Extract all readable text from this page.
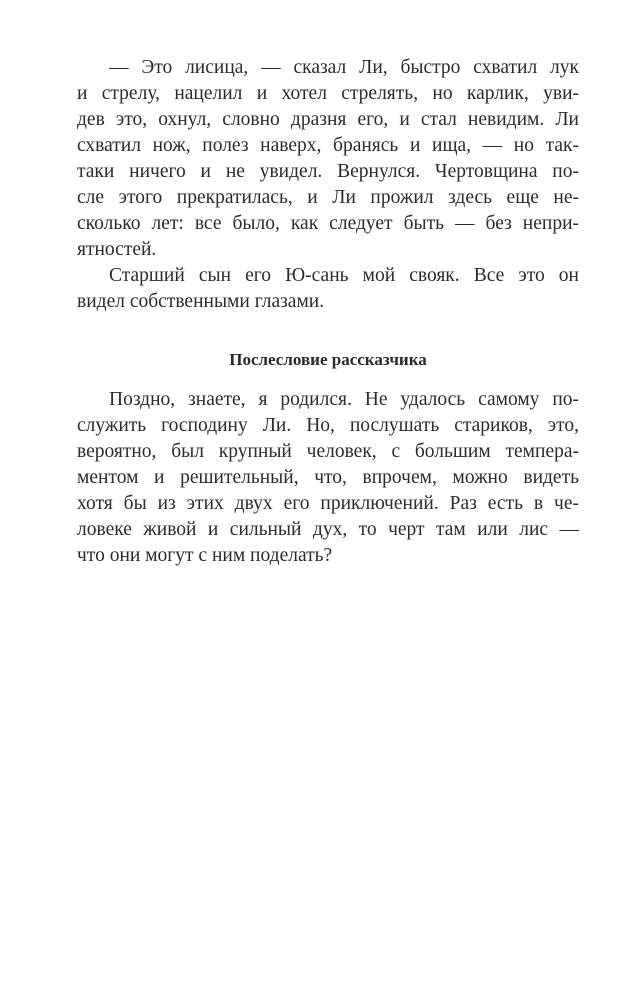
— Это лисица, — сказал Ли, быстро схватил лук
и стрелу, нацелил и хотел стрелять, но карлик, уви-
дев это, охнул, словно дразня его, и стал невидим. Ли
схватил нож, полез наверх, бранясь и ища, — но так-
таки ничего и не увидел. Вернулся. Чертовщина по-
сле этого прекратилась, и Ли прожил здесь еще не-
сколько лет: все было, как следует быть — без непри-
ятностей.

Старший сын его Ю-сань мой свояк. Все это он
видел собственными глазами.

Послесловие рассказчика

Поздно, знаете, я родился. Не удалось самому по-
служить господину Ли. Но, послушать стариков, это,
вероятно, был крупный человек, с большим темпера-
ментом и решительный, что, впрочем, можно видеть
хотя бы из этих двух его приключений. Раз есть в че-
ловеке живой и сильный дух, то черт там или лис —
что они могут с ним поделать?
